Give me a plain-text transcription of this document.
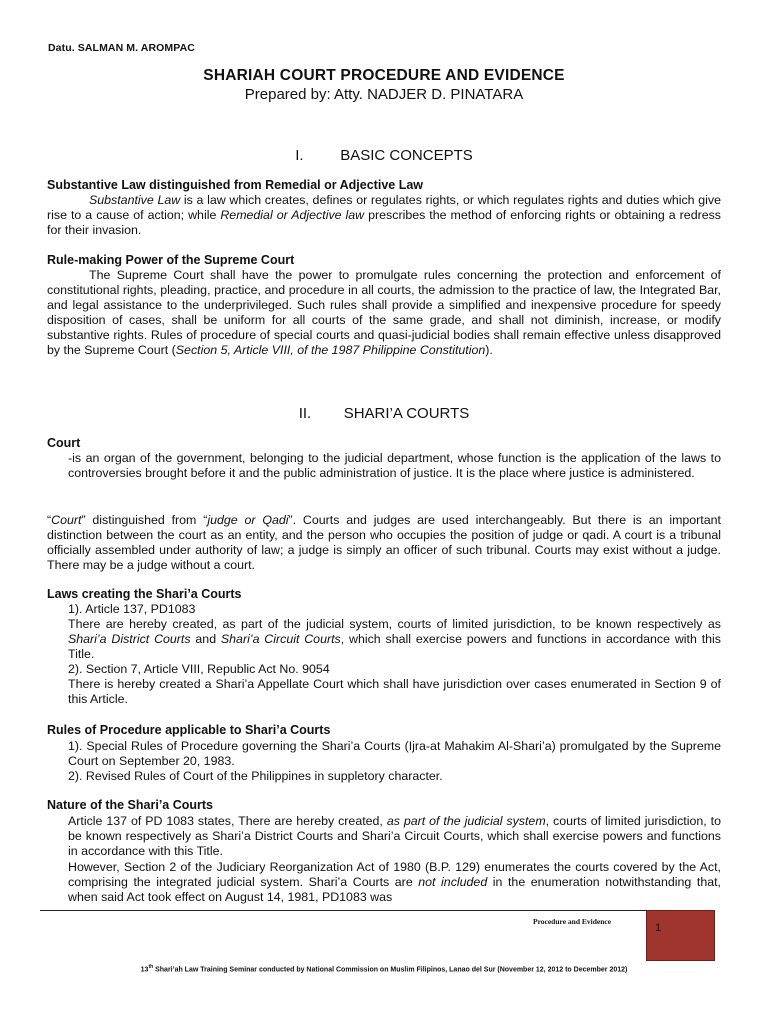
Datu. SALMAN M. AROMPAC
SHARIAH COURT PROCEDURE AND EVIDENCE
Prepared by: Atty. NADJER D. PINATARA
I. BASIC CONCEPTS
Substantive Law distinguished from Remedial or Adjective Law
Substantive Law is a law which creates, defines or regulates rights, or which regulates rights and duties which give rise to a cause of action; while Remedial or Adjective law prescribes the method of enforcing rights or obtaining a redress for their invasion.
Rule-making Power of the Supreme Court
The Supreme Court shall have the power to promulgate rules concerning the protection and enforcement of constitutional rights, pleading, practice, and procedure in all courts, the admission to the practice of law, the Integrated Bar, and legal assistance to the underprivileged. Such rules shall provide a simplified and inexpensive procedure for speedy disposition of cases, shall be uniform for all courts of the same grade, and shall not diminish, increase, or modify substantive rights. Rules of procedure of special courts and quasi-judicial bodies shall remain effective unless disapproved by the Supreme Court (Section 5, Article VIII, of the 1987 Philippine Constitution).
II. SHARI’A COURTS
Court
-is an organ of the government, belonging to the judicial department, whose function is the application of the laws to controversies brought before it and the public administration of justice. It is the place where justice is administered.
“Court” distinguished from “judge or Qadi”. Courts and judges are used interchangeably. But there is an important distinction between the court as an entity, and the person who occupies the position of judge or qadi. A court is a tribunal officially assembled under authority of law; a judge is simply an officer of such tribunal. Courts may exist without a judge. There may be a judge without a court.
Laws creating the Shari’a Courts
1). Article 137, PD1083
There are hereby created, as part of the judicial system, courts of limited jurisdiction, to be known respectively as Shari’a District Courts and Shari’a Circuit Courts, which shall exercise powers and functions in accordance with this Title.
2). Section 7, Article VIII, Republic Act No. 9054
There is hereby created a Shari’a Appellate Court which shall have jurisdiction over cases enumerated in Section 9 of this Article.
Rules of Procedure applicable to Shari’a Courts
1). Special Rules of Procedure governing the Shari’a Courts (Ijra-at Mahakim Al-Shari’a) promulgated by the Supreme Court on September 20, 1983.
2). Revised Rules of Court of the Philippines in suppletory character.
Nature of the Shari’a Courts
Article 137 of PD 1083 states, There are hereby created, as part of the judicial system, courts of limited jurisdiction, to be known respectively as Shari’a District Courts and Shari’a Circuit Courts, which shall exercise powers and functions in accordance with this Title.
However, Section 2 of the Judiciary Reorganization Act of 1980 (B.P. 129) enumerates the courts covered by the Act, comprising the integrated judicial system. Shari’a Courts are not included in the enumeration notwithstanding that, when said Act took effect on August 14, 1981, PD1083 was
Procedure and Evidence
1
13th Shari’ah Law Training Seminar conducted by National Commission on Muslim Filipinos, Lanao del Sur (November 12, 2012 to December 2012)
